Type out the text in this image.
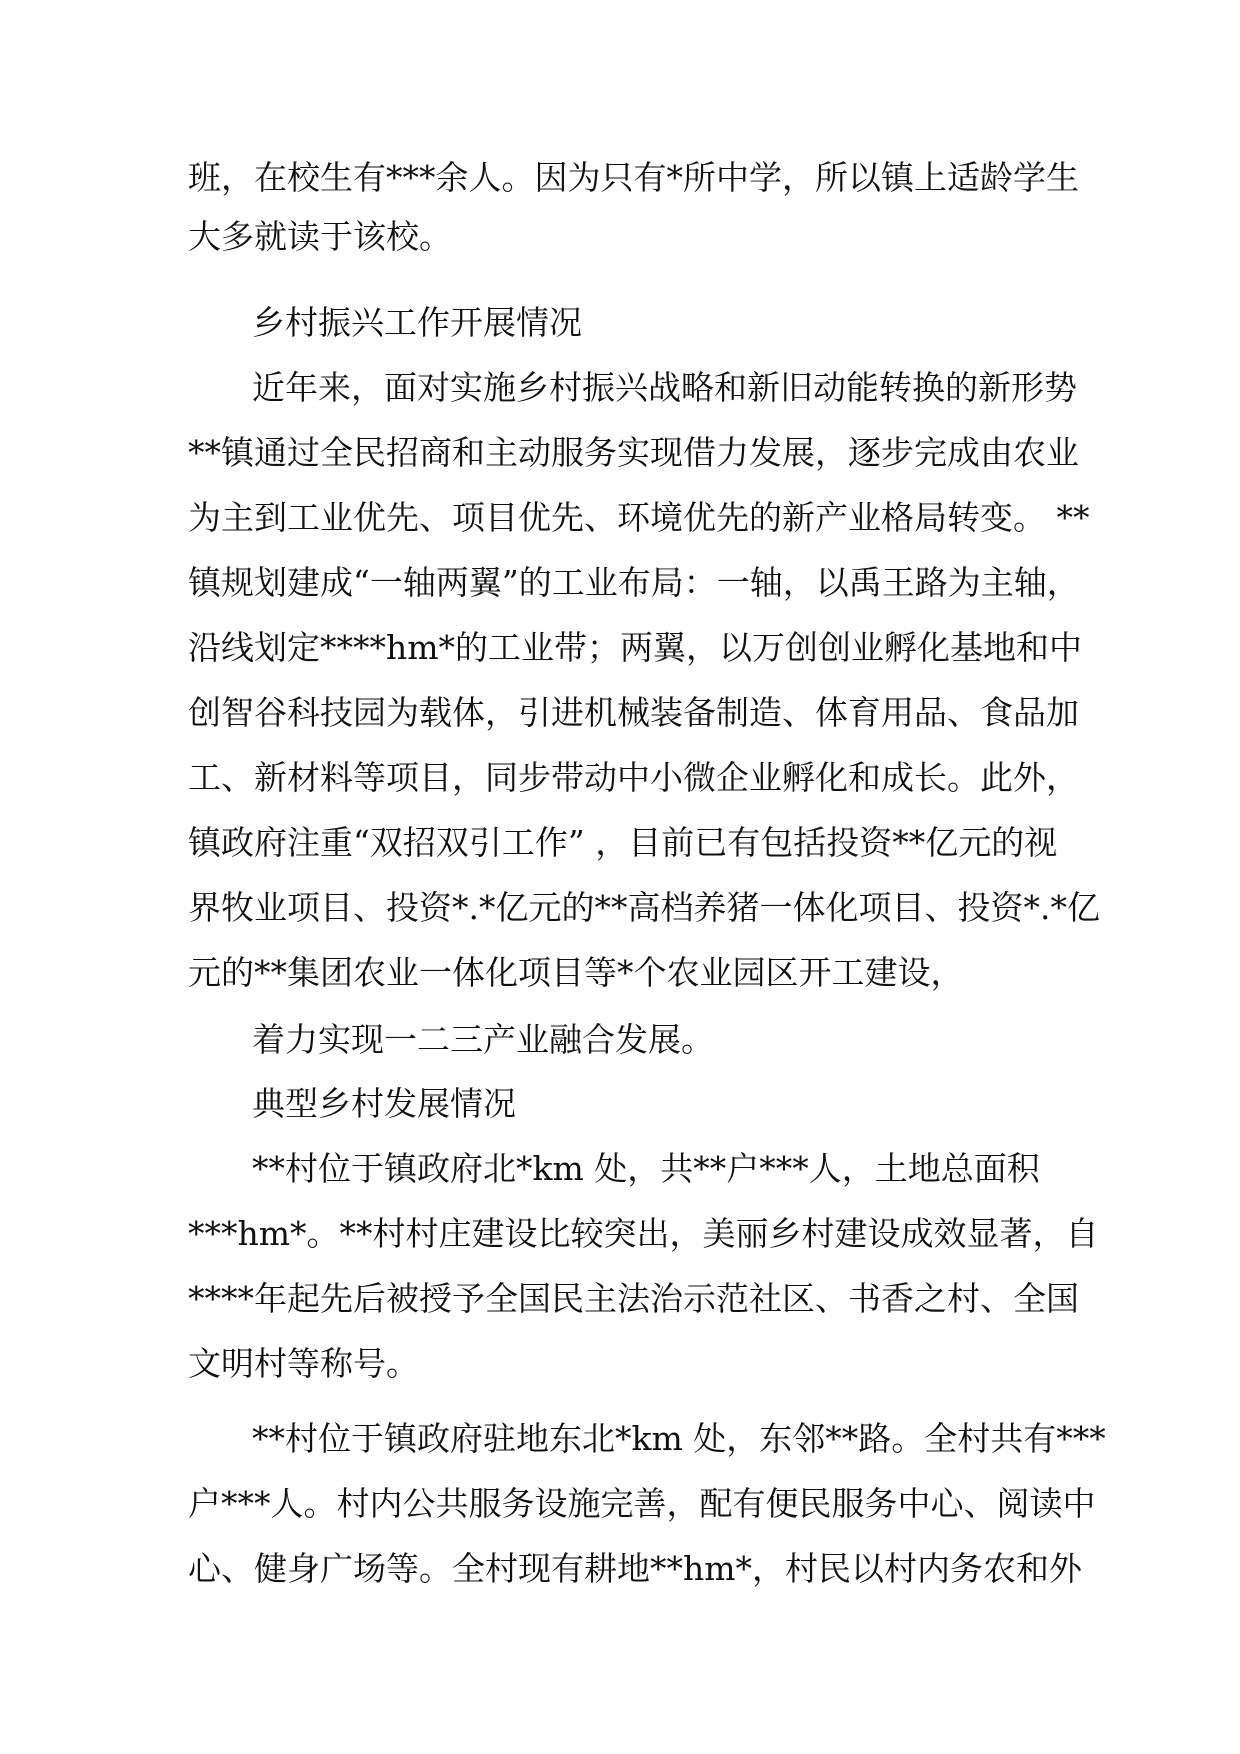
班，在校生有***余人。因为只有*所中学，所以镇上适龄学生

大多就读于该校。

乡村振兴工作开展情况

近年来，面对实施乡村振兴战略和新旧动能转换的新形势

**镇通过全民招商和主动服务实现借力发展，逐步完成由农业

为主到工业优先、项目优先、环境优先的新产业格局转变。 **

镇规划建成“一轴两翼”的工业布局：一轴，以禹王路为主轴，

沿线划定****hm*的工业带；两翼，以万创创业孵化基地和中

创智谷科技园为载体，引进机械装备制造、体育用品、食品加

工、新材料等项目，同步带动中小微企业孵化和成长。此外，

镇政府注重“双招双引工作” ，目前已有包括投资**亿元的视

界牧业项目、投资*.*亿元的**高档养猪一体化项目、投资*.*亿

元的**集团农业一体化项目等*个农业园区开工建设，

着力实现一二三产业融合发展。

典型乡村发展情况

**村位于镇政府北*km 处，共**户***人，土地总面积

***hm*。**村村庄建设比较突出，美丽乡村建设成效显著，自

****年起先后被授予全国民主法治示范社区、书香之村、全国

文明村等称号。

**村位于镇政府驻地东北*km 处，东邻**路。全村共有***

户***人。村内公共服务设施完善，配有便民服务中心、阅读中

心、健身广场等。全村现有耕地**hm*，村民以村内务农和外
